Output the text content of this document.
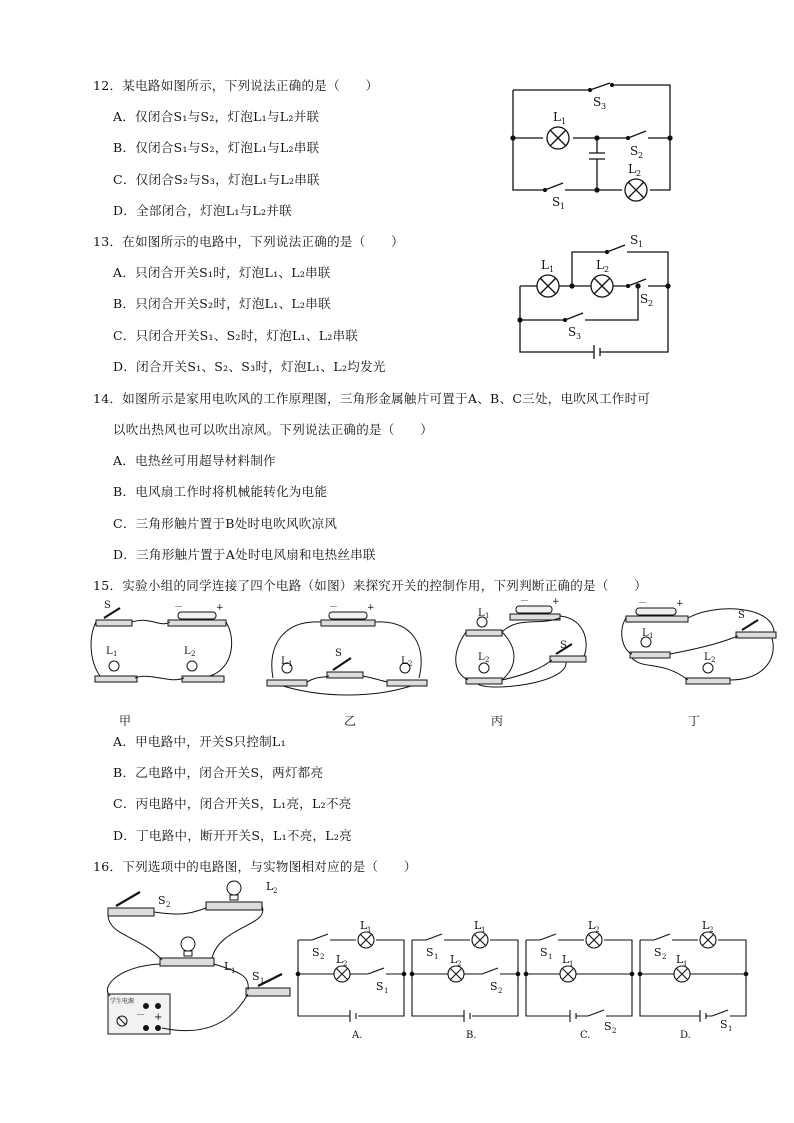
12．某电路如图所示，下列说法正确的是（　　）
A．仅闭合S₁与S₂，灯泡L₁与L₂并联
B．仅闭合S₁与S₂，灯泡L₁与L₂串联
C．仅闭合S₂与S₃，灯泡L₁与L₂串联
D．全部闭合，灯泡L₁与L₂并联
S 3
L 1
S 2
L 2
S 1
13．在如图所示的电路中，下列说法正确的是（　　）
A．只闭合开关S₁时，灯泡L₁、L₂串联
B．只闭合开关S₂时，灯泡L₁、L₂串联
C．只闭合开关S₁、S₂时，灯泡L₁、L₂串联
D．闭合开关S₁、S₂、S₃时，灯泡L₁、L₂均发光
S 1
L 1	L 2
S 2
S 3
14．如图所示是家用电吹风的工作原理图，三角形金属触片可置于A、B、C三处，电吹风工作时可
以吹出热风也可以吹出凉风。下列说法正确的是（　　）
A．电热丝可用超导材料制作
B．电风扇工作时将机械能转化为电能
C．三角形触片置于B处时电吹风吹凉风
D．三角形触片置于A处时电风扇和电热丝串联
15．实验小组的同学连接了四个电路（如图）来探究开关的控制作用，下列判断正确的是（　　）
S	－	+
L 1	L 2
－	+
L 1
S
L 2
－	+
L 1
L 2
S
－	+
S
L 1
L 2
甲	乙	丙	丁
A．甲电路中，开关S只控制L₁
B．乙电路中，闭合开关S，两灯都亮
C．丙电路中，闭合开关S，L₁亮，L₂不亮
D．丁电路中，断开开关S，L₁不亮，L₂亮
16．下列选项中的电路图，与实物图相对应的是（　　）
S 2
L 2
L 1 S 1
学生电源
－ +
S 2
L 1
L 2
S 1
A.
S 1
L 1
L 2
S 2
B.
S 1
L 2
L 1
S 2
C.
S 2
L 2
L 1
S 1
D.
